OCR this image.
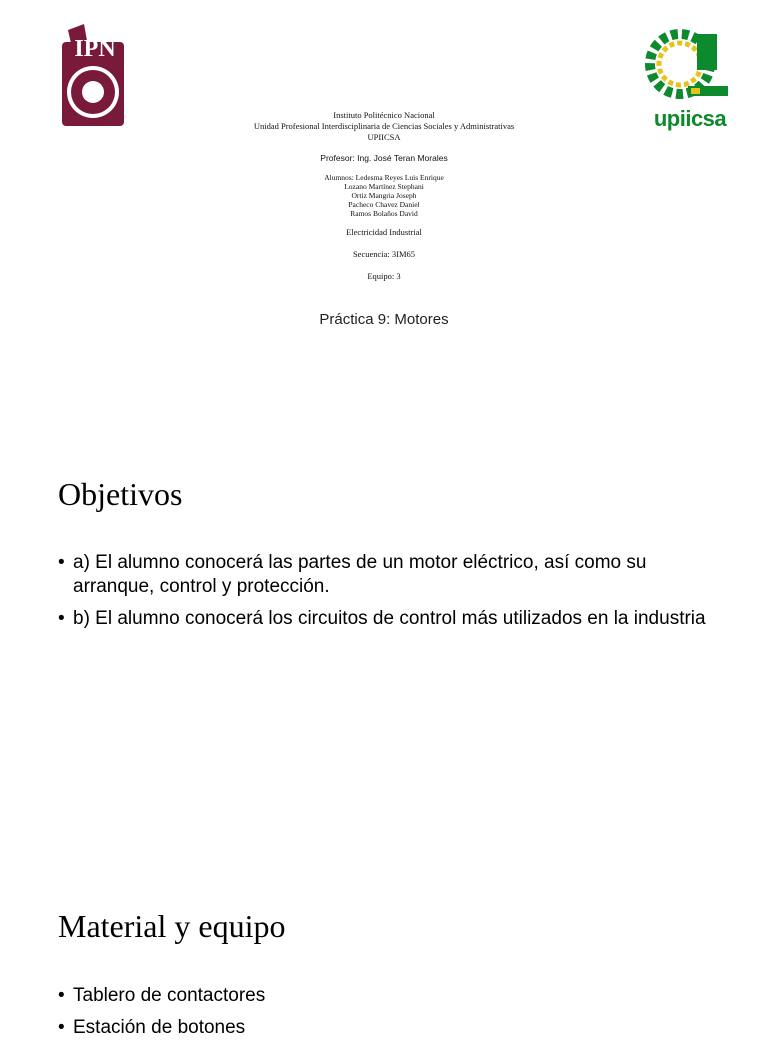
IPN
upiicsa
Instituto Politécnico Nacional
Unidad Profesional Interdisciplinaria de Ciencias Sociales y Administrativas
UPIICSA
Profesor: Ing. José Teran Morales
Alumnos: Ledesma Reyes Luis Enrique
Lozano Martínez Stephani
Ortiz Mangria Joseph
Pacheco Chavez Daniel
Ramos Bolaños David
Electricidad Industrial
Secuencia: 3IM65
Equipo: 3
Práctica 9: Motores
Objetivos
• a) El alumno conocerá las partes de un motor eléctrico, así como su arranque, control y protección.
• b) El alumno conocerá los circuitos de control más utilizados en la industria
Material y equipo
• Tablero de contactores
• Estación de botones
